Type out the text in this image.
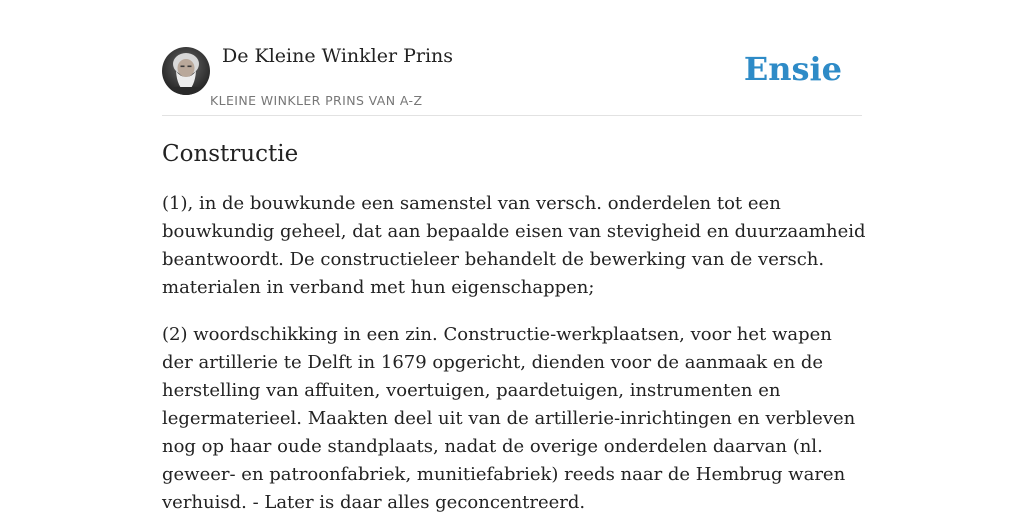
De Kleine Winkler Prins
KLEINE WINKLER PRINS VAN A-Z
Ensie
Constructie

(1), in de bouwkunde een samenstel van versch. onderdelen tot een bouwkundig geheel, dat aan bepaalde eisen van stevigheid en duurzaamheid beantwoordt. De constructieleer behandelt de bewerking van de versch. materialen in verband met hun eigenschappen;

(2) woordschikking in een zin. Constructie-werkplaatsen, voor het wapen der artillerie te Delft in 1679 opgericht, dienden voor de aanmaak en de herstelling van affuiten, voertuigen, paardetuigen, instrumenten en legermaterieel. Maakten deel uit van de artillerie-inrichtingen en verbleven nog op haar oude standplaats, nadat de overige onderdelen daarvan (nl. geweer- en patroonfabriek, munitiefabriek) reeds naar de Hembrug waren verhuisd. - Later is daar alles geconcentreerd.
